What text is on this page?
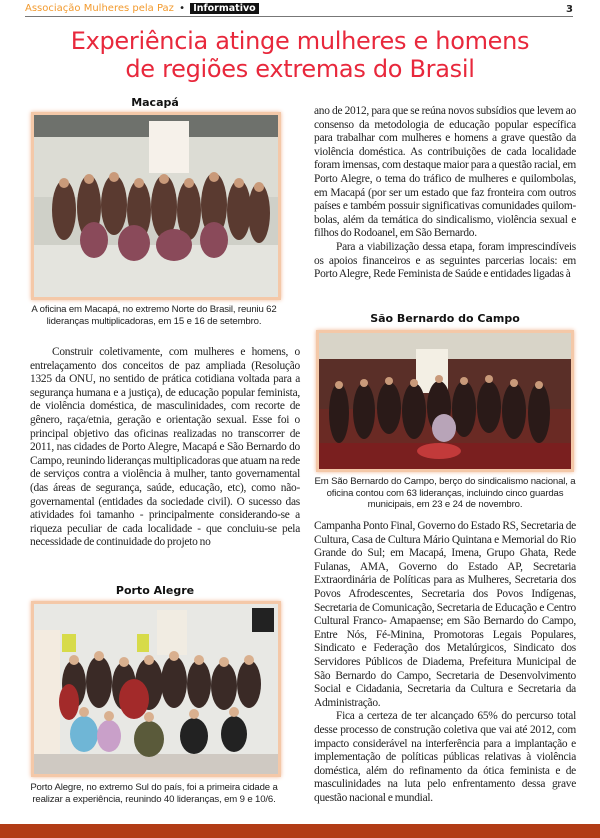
Associação Mulheres pela Paz • Informativo	3
Experiência atinge mulheres e homens
de regiões extremas do Brasil
Macapá
A oficina em Macapá, no extremo Norte do Brasil, reuniu 62 lideranças multiplicadoras, em 15 e 16 de setembro.

Construir coletivamente, com mulheres e homens, o entrelaçamento dos conceitos de paz ampliada (Resolução 1325 da ONU, no sentido de prática cotidiana voltada para a segurança humana e a justiça), de educação popular feminista, de violência doméstica, de masculinidades, com recorte de gênero, raça/etnia, geração e orientação sexual. Esse foi o principal objetivo das oficinas realizadas no transcorrer de 2011, nas cidades de Porto Alegre, Macapá e São Bernardo do Campo, reunindo lideranças multiplicadoras que atuam na rede de serviços contra a violência à mulher, tanto governamental (das áreas de segurança, saúde, educação, etc), como não-governamental (entidades da sociedade civil). O sucesso das atividades foi tamanho - principalmente considerando-se a riqueza peculiar de cada localidade - que concluiu-se pela necessidade de continuidade do projeto no

Porto Alegre
Porto Alegre, no extremo Sul do país, foi a primeira cidade a realizar a experiência, reunindo 40 lideranças, em 9 e 10/6.

ano de 2012, para que se reúna novos subsídios que levem ao consenso da metodologia de educação popular específica para trabalhar com mulheres e homens a grave questão da violência doméstica. As contribuições de cada localidade foram imensas, com destaque maior para a questão racial, em Porto Alegre, o tema do tráfico de mulheres e quilombolas, em Macapá (por ser um estado que faz fronteira com outros países e também possuir significativas comunidades quilom-bolas, além da temática do sindicalismo, violência sexual e filhos do Rodoanel, em São Bernardo.

Para a viabilização dessa etapa, foram imprescindíveis os apoios financeiros e as seguintes parcerias locais: em Porto Alegre, Rede Feminista de Saúde e entidades ligadas à

São Bernardo do Campo
Em São Bernardo do Campo, berço do sindicalismo nacional, a oficina contou com 63 lideranças, incluindo cinco guardas municipais, em 23 e 24 de novembro.

Campanha Ponto Final, Governo do Estado RS, Secretaria de Cultura, Casa de Cultura Mário Quintana e Memorial do Rio Grande do Sul; em Macapá, Imena, Grupo Ghata, Rede Fulanas, AMA, Governo do Estado AP, Secretaria Extraordinária de Políticas para as Mulheres, Secretaria dos Povos Afrodescentes, Secretaria dos Povos Indígenas, Secretaria de Comunicação, Secretaria de Educação e Centro Cultural Franco- Amapaense; em São Bernardo do Campo, Entre Nós, Fé-Minina, Promotoras Legais Populares, Sindicato e Federação dos Metalúrgicos, Sindicato dos Servidores Públicos de Diadema, Prefeitura Municipal de São Bernardo do Campo, Secretaria de Desenvolvimento Social e Cidadania, Secretaria da Cultura e Secretaria da Administração.

Fica a certeza de ter alcançado 65% do percurso total desse processo de construção coletiva que vai até 2012, com impacto considerável na interferência para a implantação e implementação de políticas públicas relativas à violência doméstica, além do refinamento da ótica feminista e de masculinidades na luta pelo enfrentamento dessa grave questão nacional e mundial.
